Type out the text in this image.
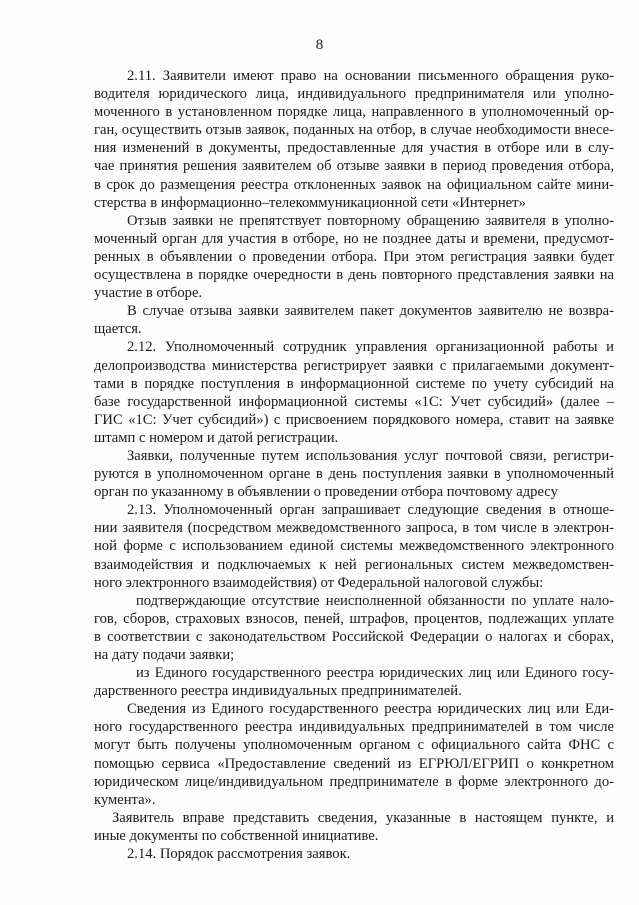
8
2.11. Заявители имеют право на основании письменного обращения руко-
водителя юридического лица, индивидуального предпринимателя или уполно-
моченного в установленном порядке лица, направленного в уполномоченный ор-
ган, осуществить отзыв заявок, поданных на отбор, в случае необходимости внесе-
ния изменений в документы, предоставленные для участия в отборе или в слу-
чае принятия решения заявителем об отзыве заявки в период проведения отбора,
в срок до размещения реестра отклоненных заявок на официальном сайте мини-
стерства в информационно–телекоммуникационной сети «Интернет»
Отзыв заявки не препятствует повторному обращению заявителя в уполно-
моченный орган для участия в отборе, но не позднее даты и времени, предусмот-
ренных в объявлении о проведении отбора. При этом регистрация заявки будет
осуществлена в порядке очередности в день повторного представления заявки на
участие в отборе.
В случае отзыва заявки заявителем пакет документов заявителю не возвра-
щается.
2.12. Уполномоченный сотрудник управления организационной работы и
делопроизводства министерства регистрирует заявки с прилагаемыми документ-
тами в порядке поступления в информационной системе по учету субсидий на
базе государственной информационной системы «1С: Учет субсидий» (далее –
ГИС «1С: Учет субсидий») с присвоением порядкового номера, ставит на заявке
штамп с номером и датой регистрации.
Заявки, полученные путем использования услуг почтовой связи, регистри-
руются в уполномоченном органе в день поступления заявки в уполномоченный
орган по указанному в объявлении о проведении отбора почтовому адресу
2.13. Уполномоченный орган запрашивает следующие сведения в отноше-
нии заявителя (посредством межведомственного запроса, в том числе в электрон-
ной форме с использованием единой системы межведомственного электронного
взаимодействия и подключаемых к ней региональных систем межведомствен-
ного электронного взаимодействия) от Федеральной налоговой службы:
подтверждающие отсутствие неисполненной обязанности по уплате нало-
гов, сборов, страховых взносов, пеней, штрафов, процентов, подлежащих уплате
в соответствии с законодательством Российской Федерации о налогах и сборах,
на дату подачи заявки;
из Единого государственного реестра юридических лиц или Единого госу-
дарственного реестра индивидуальных предпринимателей.
Сведения из Единого государственного реестра юридических лиц или Еди-
ного государственного реестра индивидуальных предпринимателей в том числе
могут быть получены уполномоченным органом с официального сайта ФНС с
помощью сервиса «Предоставление сведений из ЕГРЮЛ/ЕГРИП о конкретном
юридическом лице/индивидуальном предпринимателе в форме электронного до-
кумента».
Заявитель вправе представить сведения, указанные в настоящем пункте, и
иные документы по собственной инициативе.
2.14. Порядок рассмотрения заявок.
